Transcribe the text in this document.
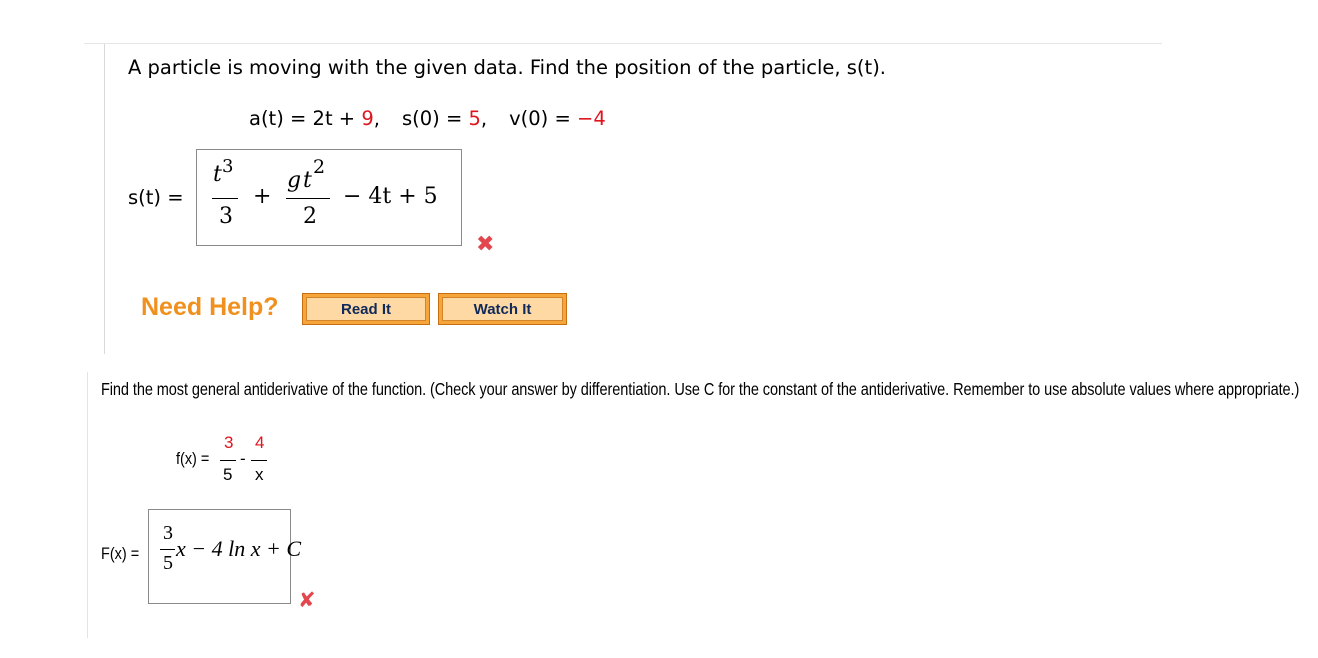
A particle is moving with the given data. Find the position of the particle, s(t).
a(t) = 2t + 9, s(0) = 5, v(0) = −4
s(t) =
t 3
3
+
g t
2
2
− 4t + 5
✖
Need Help?	Read It	Watch It
Find the most general antiderivative of the function. (Check your answer by differentiation. Use C for the constant of the antiderivative. Remember to use absolute values where appropriate.)
f(x) =
3
5
-
4
x
F(x) =
3
5
x − 4 ln x + C
✘
